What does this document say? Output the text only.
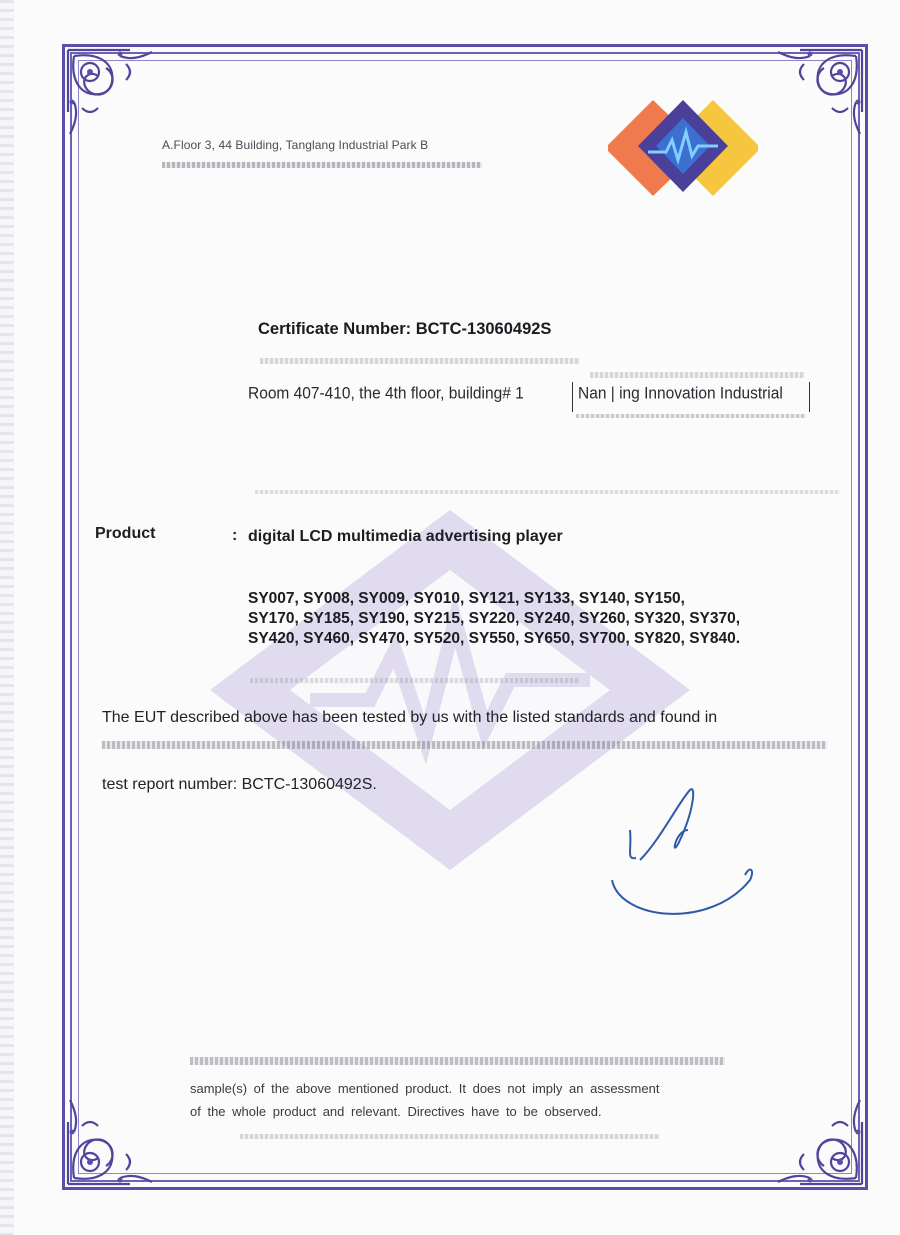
A.Floor 3, 44 Building, Tanglang Industrial Park B
Certificate Number: BCTC-13060492S
Room 407-410, the 4th floor, building# 1	Nan | ing Innovation Industrial
Product	: digital LCD multimedia advertising player
SY007, SY008, SY009, SY010, SY121, SY133, SY140, SY150,
SY170, SY185, SY190, SY215, SY220, SY240, SY260, SY320, SY370,
SY420, SY460, SY470, SY520, SY550, SY650, SY700, SY820, SY840.
The EUT described above has been tested by us with the listed standards and found in
test report number: BCTC-13060492S.
sample(s) of the above mentioned product. It does not imply an assessment
of the whole product and relevant. Directives have to be observed.
